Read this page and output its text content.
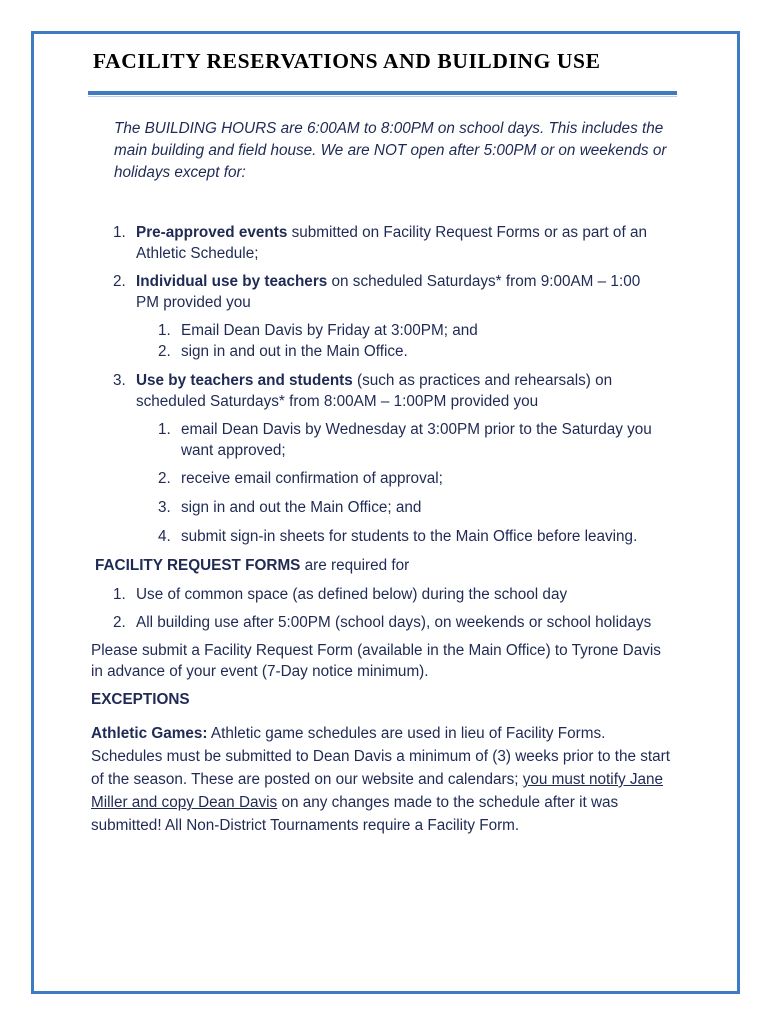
FACILITY RESERVATIONS AND BUILDING USE

The BUILDING HOURS are 6:00AM to 8:00PM on school days. This includes the main building and field house. We are NOT open after 5:00PM or on weekends or holidays except for:

1. Pre-approved events submitted on Facility Request Forms or as part of an Athletic Schedule;

2. Individual use by teachers on scheduled Saturdays* from 9:00AM – 1:00 PM provided you

1. Email Dean Davis by Friday at 3:00PM; and

2. sign in and out in the Main Office.

3. Use by teachers and students (such as practices and rehearsals) on scheduled Saturdays* from 8:00AM – 1:00PM provided you

1. email Dean Davis by Wednesday at 3:00PM prior to the Saturday you want approved;

2. receive email confirmation of approval;

3. sign in and out the Main Office; and

4. submit sign-in sheets for students to the Main Office before leaving.

FACILITY REQUEST FORMS are required for

1. Use of common space (as defined below) during the school day

2. All building use after 5:00PM (school days), on weekends or school holidays

Please submit a Facility Request Form (available in the Main Office) to Tyrone Davis in advance of your event (7-Day notice minimum).

EXCEPTIONS

Athletic Games: Athletic game schedules are used in lieu of Facility Forms. Schedules must be submitted to Dean Davis a minimum of (3) weeks prior to the start of the season. These are posted on our website and calendars; you must notify Jane Miller and copy Dean Davis on any changes made to the schedule after it was submitted! All Non-District Tournaments require a Facility Form.
